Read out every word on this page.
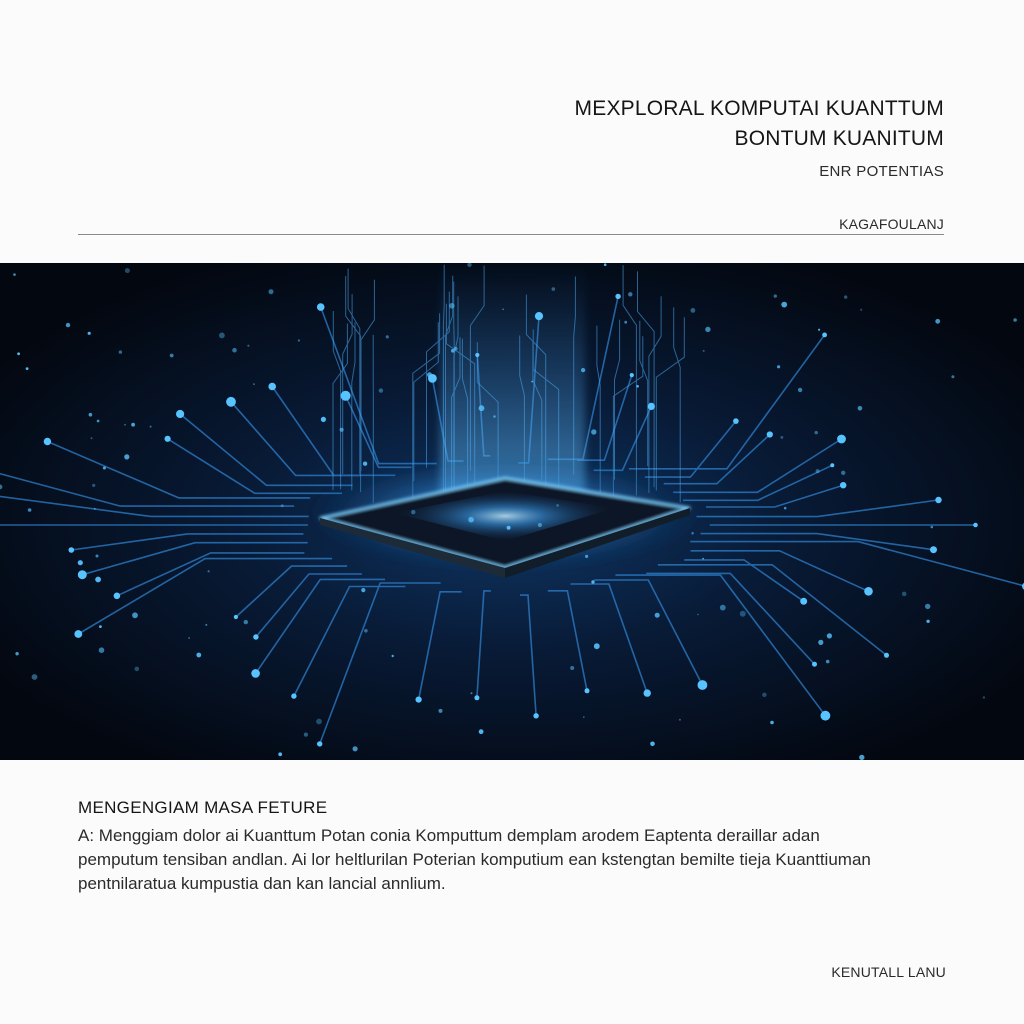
MEXPLORAL KOMPUTAI KUANTTUM
BONTUM KUANITUM
ENR POTENTIAS
KAGAFOULANJ
MENGENGIAM MASA FETURE
A: Menggiam dolor ai Kuanttum Potan conia Komputtum demplam arodem Eaptenta deraillar adan
pemputum tensiban andlan. Ai lor heltlurilan Poterian komputium ean kstengtan bemilte tieja Kuanttiuman
pentnilaratua kumpustia dan kan lancial annlium.
KENUTALL LANU
